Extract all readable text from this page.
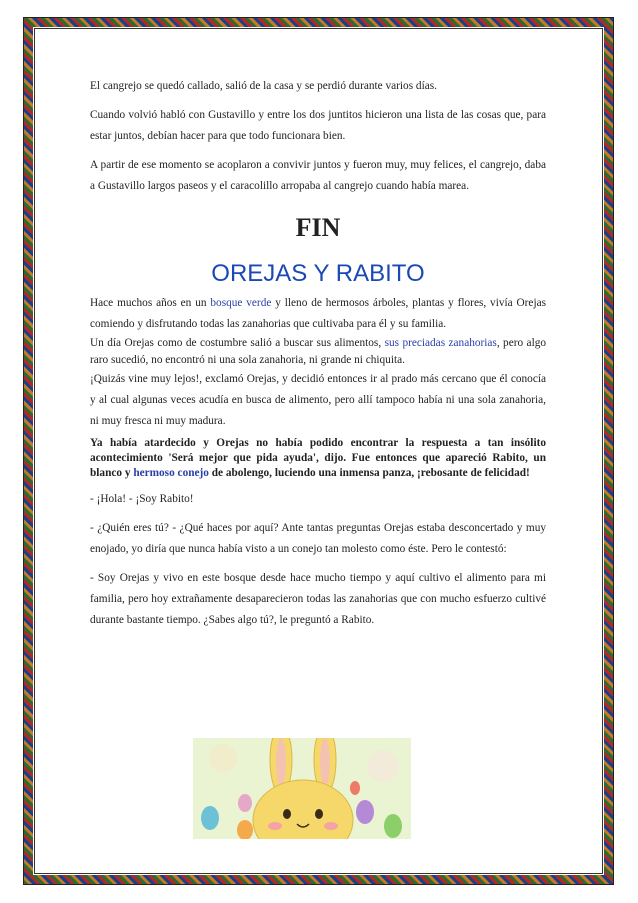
El cangrejo se quedó callado, salió de la casa y se perdió durante varios días.

Cuando volvió habló con Gustavillo y entre los dos juntitos hicieron una lista de las cosas que, para estar juntos, debían hacer para que todo funcionara bien.

A partir de ese momento se acoplaron a convivir juntos y fueron muy, muy felices, el cangrejo, daba a Gustavillo largos paseos y el caracolillo arropaba al cangrejo cuando había marea.

FIN
OREJAS Y RABITO

Hace muchos años en un bosque verde y lleno de hermosos árboles, plantas y flores, vivía Orejas comiendo y disfrutando todas las zanahorias que cultivaba para él y su familia.

Un día Orejas como de costumbre salió a buscar sus alimentos, sus preciadas zanahorias, pero algo raro sucedió, no encontró ni una sola zanahoria, ni grande ni chiquita.

¡Quizás vine muy lejos!, exclamó Orejas, y decidió entonces ir al prado más cercano que él conocía y al cual algunas veces acudía en busca de alimento, pero allí tampoco había ni una sola zanahoria, ni muy fresca ni muy madura.

Ya había atardecido y Orejas no había podido encontrar la respuesta a tan insólito acontecimiento 'Será mejor que pida ayuda', dijo. Fue entonces que apareció Rabito, un blanco y hermoso conejo de abolengo, luciendo una inmensa panza, ¡rebosante de felicidad!

- ¡Hola! - ¡Soy Rabito!

- ¿Quién eres tú? - ¿Qué haces por aquí? Ante tantas preguntas Orejas estaba desconcertado y muy enojado, yo diría que nunca había visto a un conejo tan molesto como éste. Pero le contestó:

- Soy Orejas y vivo en este bosque desde hace mucho tiempo y aquí cultivo el alimento para mi familia, pero hoy extrañamente desaparecieron todas las zanahorias que con mucho esfuerzo cultivé durante bastante tiempo. ¿Sabes algo tú?, le preguntó a Rabito.
